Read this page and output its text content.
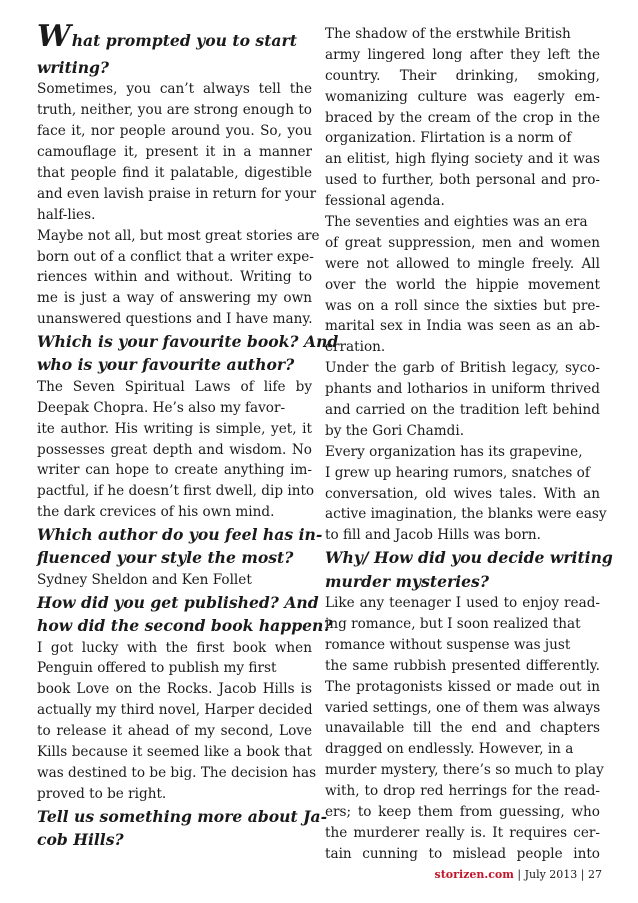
What prompted you to start
writing?
Sometimes, you can’t always tell the
truth, neither, you are strong enough to
face it, nor people around you. So, you
camouflage it, present it in a manner
that people find it palatable, digestible
and even lavish praise in return for your
half-lies.
Maybe not all, but most great stories are
born out of a conflict that a writer expe-
riences within and without. Writing to
me is just a way of answering my own
unanswered questions and I have many.
Which is your favourite book? And
who is your favourite author?
The Seven Spiritual Laws of life by
Deepak Chopra. He’s also my favor-
ite author. His writing is simple, yet, it
possesses great depth and wisdom. No
writer can hope to create anything im-
pactful, if he doesn’t first dwell, dip into
the dark crevices of his own mind.
Which author do you feel has in-
fluenced your style the most?
Sydney Sheldon and Ken Follet
How did you get published? And
how did the second book happen?
I got lucky with the first book when
Penguin offered to publish my first
book Love on the Rocks. Jacob Hills is
actually my third novel, Harper decided
to release it ahead of my second, Love
Kills because it seemed like a book that
was destined to be big. The decision has
proved to be right.
Tell us something more about Ja-
cob Hills?
The shadow of the erstwhile British
army lingered long after they left the
country. Their drinking, smoking,
womanizing culture was eagerly em-
braced by the cream of the crop in the
organization. Flirtation is a norm of
an elitist, high flying society and it was
used to further, both personal and pro-
fessional agenda.
The seventies and eighties was an era
of great suppression, men and women
were not allowed to mingle freely. All
over the world the hippie movement
was on a roll since the sixties but pre-
marital sex in India was seen as an ab-
erration.
Under the garb of British legacy, syco-
phants and lotharios in uniform thrived
and carried on the tradition left behind
by the Gori Chamdi.
Every organization has its grapevine,
I grew up hearing rumors, snatches of
conversation, old wives tales. With an
active imagination, the blanks were easy
to fill and Jacob Hills was born.
Why/ How did you decide writing
murder mysteries?
Like any teenager I used to enjoy read-
ing romance, but I soon realized that
romance without suspense was just
the same rubbish presented differently.
The protagonists kissed or made out in
varied settings, one of them was always
unavailable till the end and chapters
dragged on endlessly. However, in a
murder mystery, there’s so much to play
with, to drop red herrings for the read-
ers; to keep them from guessing, who
the murderer really is. It requires cer-
tain cunning to mislead people into
storizen.com | July 2013 | 27
